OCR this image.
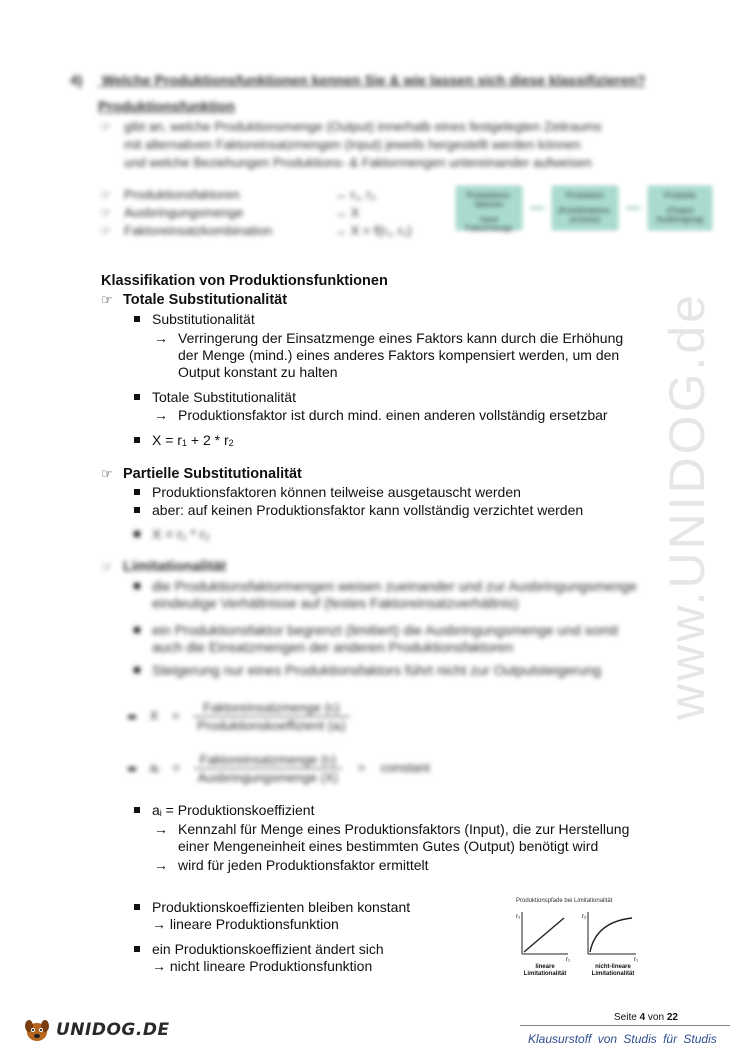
4) Welche Produktionsfunktionen kennen Sie & wie lassen sich diese klassifizieren?
Produktionsfunktion
☞ gibt an, welche Produktionsmenge (Output) innerhalb eines festgelegten Zeitraums
mit alternativen Faktoreinsatzmengen (Input) jeweils hergestellt werden können
und welche Beziehungen Produktions- & Faktormengen untereinander aufweisen
☞ Produktionsfaktoren	→ r₁, r₂
☞ Ausbringungsmenge	→ X
☞ Faktoreinsatzkombination	→ X = f(r₁, r₂)
Produktions-faktoren
Input Faktormenge
Produktion
(Kombinations-prozess)
Produkte
(Output Ausbringung)
www.UNIDOG.de
Klassifikation von Produktionsfunktionen
☞ Totale Substitutionalität
Substitutionalität
→ Verringerung der Einsatzmenge eines Faktors kann durch die Erhöhung
der Menge (mind.) eines anderes Faktors kompensiert werden, um den
Output konstant zu halten
Totale Substitutionalität
→ Produktionsfaktor ist durch mind. einen anderen vollständig ersetzbar
$X = r_1 + 2 * r_2$
☞ Partielle Substitutionalität
Produktionsfaktoren können teilweise ausgetauscht werden
aber: auf keinen Produktionsfaktor kann vollständig verzichtet werden
X = r₁ * r₂
☞ Limitationalität
die Produktionsfaktormengen weisen zueinander und zur Ausbringungsmenge
eindeutige Verhältnisse auf (festes Faktoreinsatzverhältnis)
ein Produktionsfaktor begrenzt (limitiert) die Ausbringungsmenge und somit
auch die Einsatzmengen der anderen Produktionsfaktoren
Steigerung nur eines Produktionsfaktors führt nicht zur Outputsteigerung
$X = \frac{\text{Faktoreinsatzmenge (rᵢ)}}{\text{Produktionskoeffizient (aᵢ)}}$
aᵢ = $\frac{\text{Faktoreinsatzmenge (rᵢ)}}{\text{Ausbringungsmenge (X)}}$ = constant
$a_i$ = Produktionskoeffizient
→ Kennzahl für Menge eines Produktionsfaktors (Input), die zur Herstellung
einer Mengeneinheit eines bestimmten Gutes (Output) benötigt wird
→ wird für jeden Produktionsfaktor ermittelt
Produktionskoeffizienten bleiben konstant
→ lineare Produktionsfunktion
ein Produktionskoeffizient ändert sich
→ nicht lineare Produktionsfunktion
Produktionspfade bei Limitationalität
r₂
r₁
r₂
r₁
lineare
Limitationalität
nicht-lineare
Limitationalität
Seite 4 von 22
Klausurstoff von Studis für Studis
UNIDOG.DE
